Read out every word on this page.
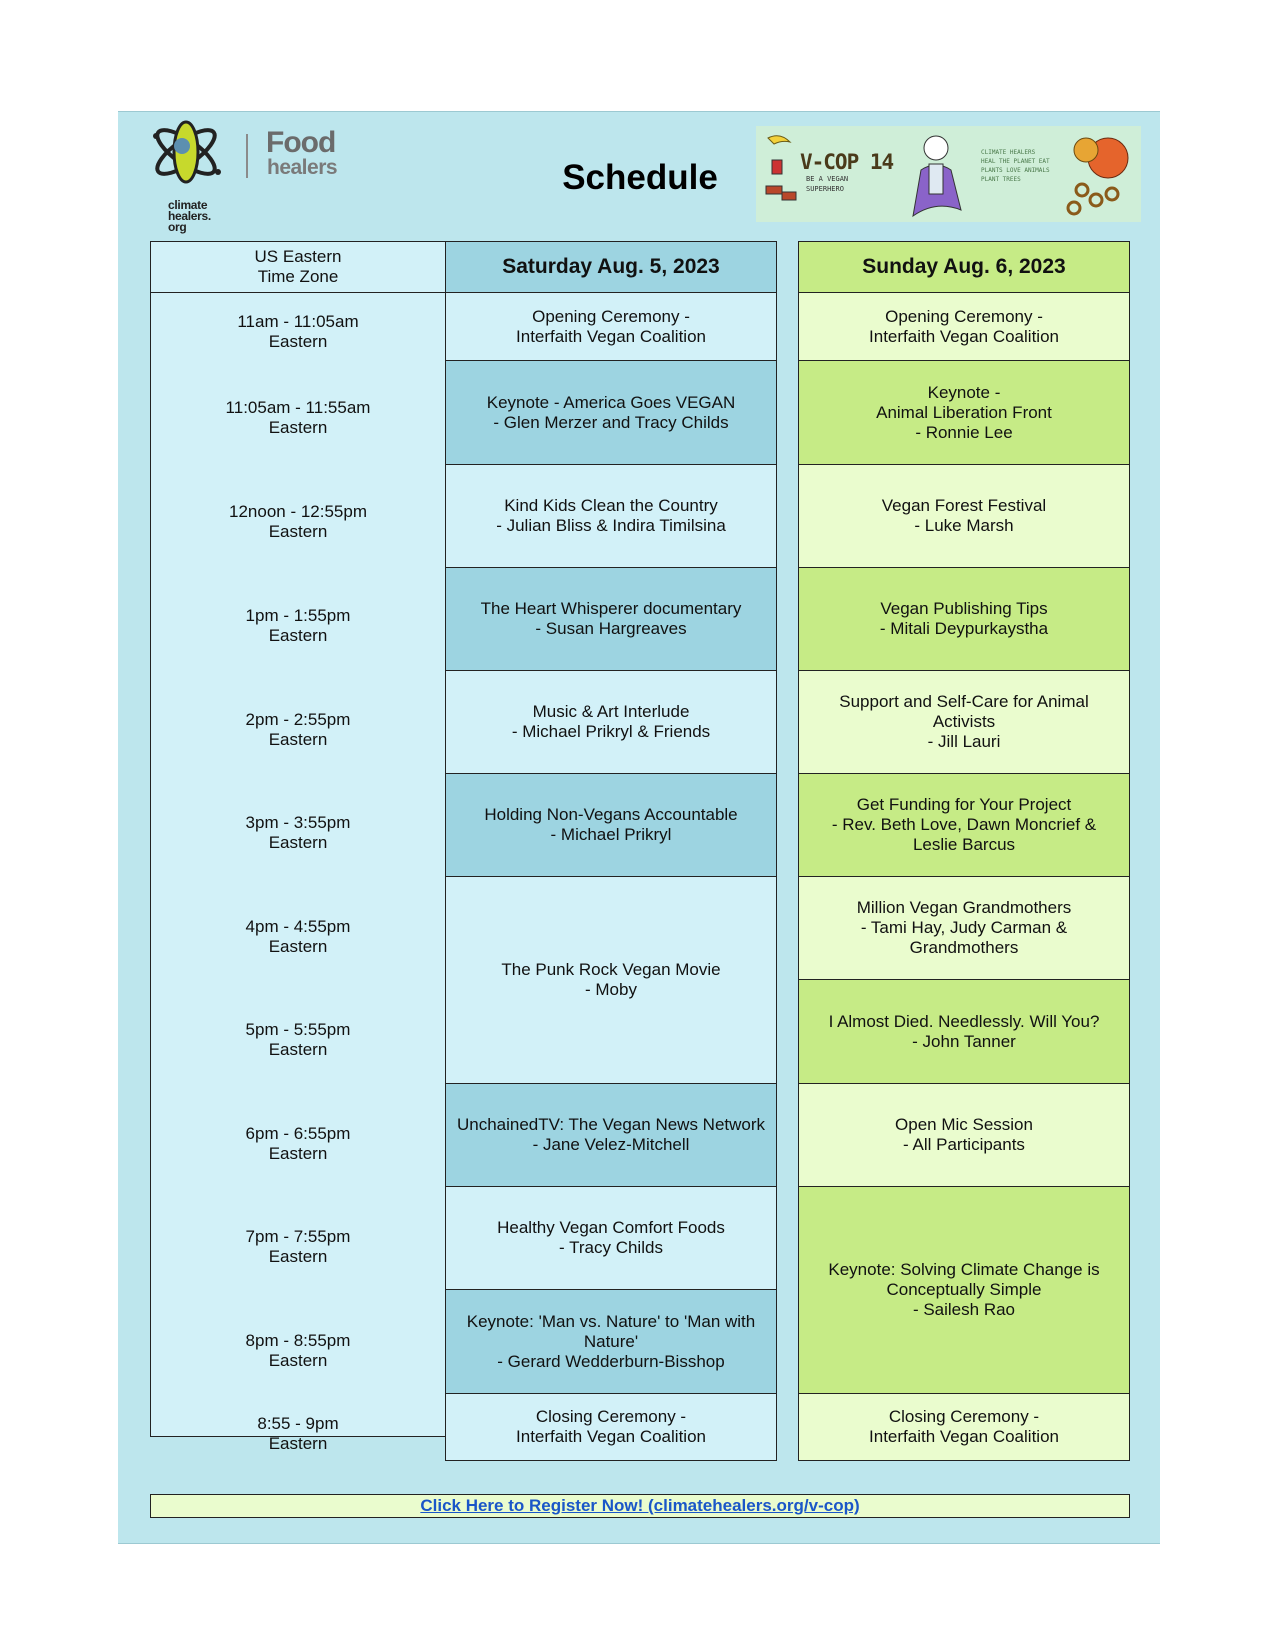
climate healers. org
Food
healers	Schedule	V-COP 14
BE A VEGAN SUPERHERO
CLIMATE HEALERS HEAL THE PLANET EAT PLANTS LOVE ANIMALS PLANT TREES
US Eastern
Time Zone
11am - 11:05am
Eastern
11:05am - 11:55am
Eastern
12noon - 12:55pm
Eastern
1pm - 1:55pm
Eastern
2pm - 2:55pm
Eastern
3pm - 3:55pm
Eastern
4pm - 4:55pm
Eastern
5pm - 5:55pm
Eastern
6pm - 6:55pm
Eastern
7pm - 7:55pm
Eastern
8pm - 8:55pm
Eastern
8:55 - 9pm
Eastern
Saturday Aug. 5, 2023
Opening Ceremony -
Interfaith Vegan Coalition
Keynote - America Goes VEGAN
- Glen Merzer and Tracy Childs
Kind Kids Clean the Country
- Julian Bliss & Indira Timilsina
The Heart Whisperer documentary
- Susan Hargreaves
Music & Art Interlude
- Michael Prikryl & Friends
Holding Non-Vegans Accountable
- Michael Prikryl
The Punk Rock Vegan Movie
- Moby
UnchainedTV: The Vegan News Network
- Jane Velez-Mitchell
Healthy Vegan Comfort Foods
- Tracy Childs
Keynote: 'Man vs. Nature' to 'Man with
Nature'
- Gerard Wedderburn-Bisshop
Closing Ceremony -
Interfaith Vegan Coalition
Sunday Aug. 6, 2023
Opening Ceremony -
Interfaith Vegan Coalition
Keynote -
Animal Liberation Front
- Ronnie Lee
Vegan Forest Festival
- Luke Marsh
Vegan Publishing Tips
- Mitali Deypurkaystha
Support and Self-Care for Animal
Activists
- Jill Lauri
Get Funding for Your Project
- Rev. Beth Love, Dawn Moncrief &
Leslie Barcus
Million Vegan Grandmothers
- Tami Hay, Judy Carman &
Grandmothers
I Almost Died. Needlessly. Will You?
- John Tanner
Open Mic Session
- All Participants
Keynote: Solving Climate Change is
Conceptually Simple
- Sailesh Rao
Closing Ceremony -
Interfaith Vegan Coalition
Click Here to Register Now! (climatehealers.org/v-cop)
